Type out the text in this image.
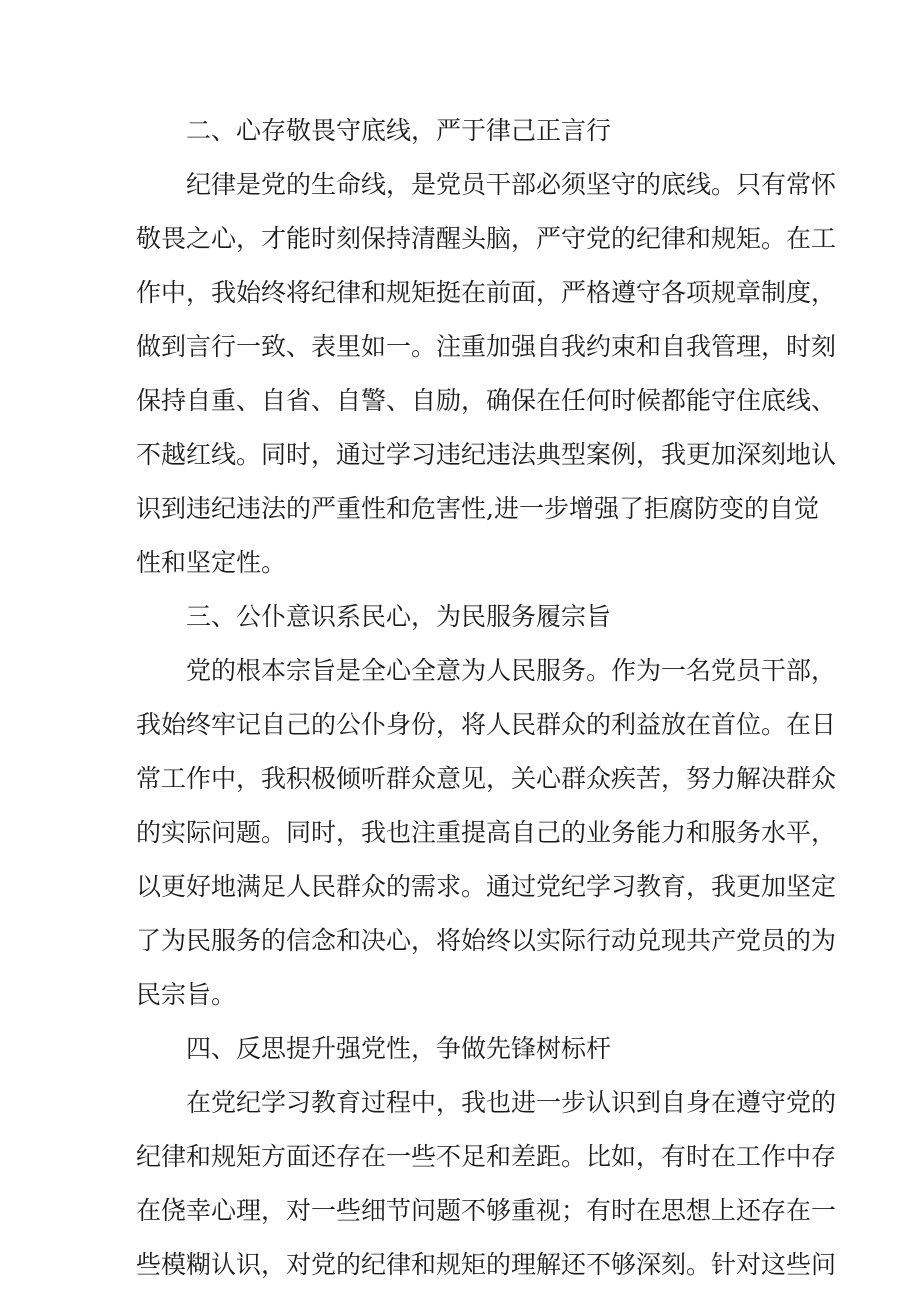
二、心存敬畏守底线，严于律己正言行
纪律是党的生命线，是党员干部必须坚守的底线。只有常怀
敬畏之心，才能时刻保持清醒头脑，严守党的纪律和规矩。在工
作中，我始终将纪律和规矩挺在前面，严格遵守各项规章制度，
做到言行一致、表里如一。注重加强自我约束和自我管理，时刻
保持自重、自省、自警、自励，确保在任何时候都能守住底线、
不越红线。同时，通过学习违纪违法典型案例，我更加深刻地认
识到违纪违法的严重性和危害性,进一步增强了拒腐防变的自觉
性和坚定性。
三、公仆意识系民心，为民服务履宗旨
党的根本宗旨是全心全意为人民服务。作为一名党员干部，
我始终牢记自己的公仆身份，将人民群众的利益放在首位。在日
常工作中，我积极倾听群众意见，关心群众疾苦，努力解决群众
的实际问题。同时，我也注重提高自己的业务能力和服务水平，
以更好地满足人民群众的需求。通过党纪学习教育，我更加坚定
了为民服务的信念和决心，将始终以实际行动兑现共产党员的为
民宗旨。
四、反思提升强党性，争做先锋树标杆
在党纪学习教育过程中，我也进一步认识到自身在遵守党的
纪律和规矩方面还存在一些不足和差距。比如，有时在工作中存
在侥幸心理，对一些细节问题不够重视；有时在思想上还存在一
些模糊认识，对党的纪律和规矩的理解还不够深刻。针对这些问
